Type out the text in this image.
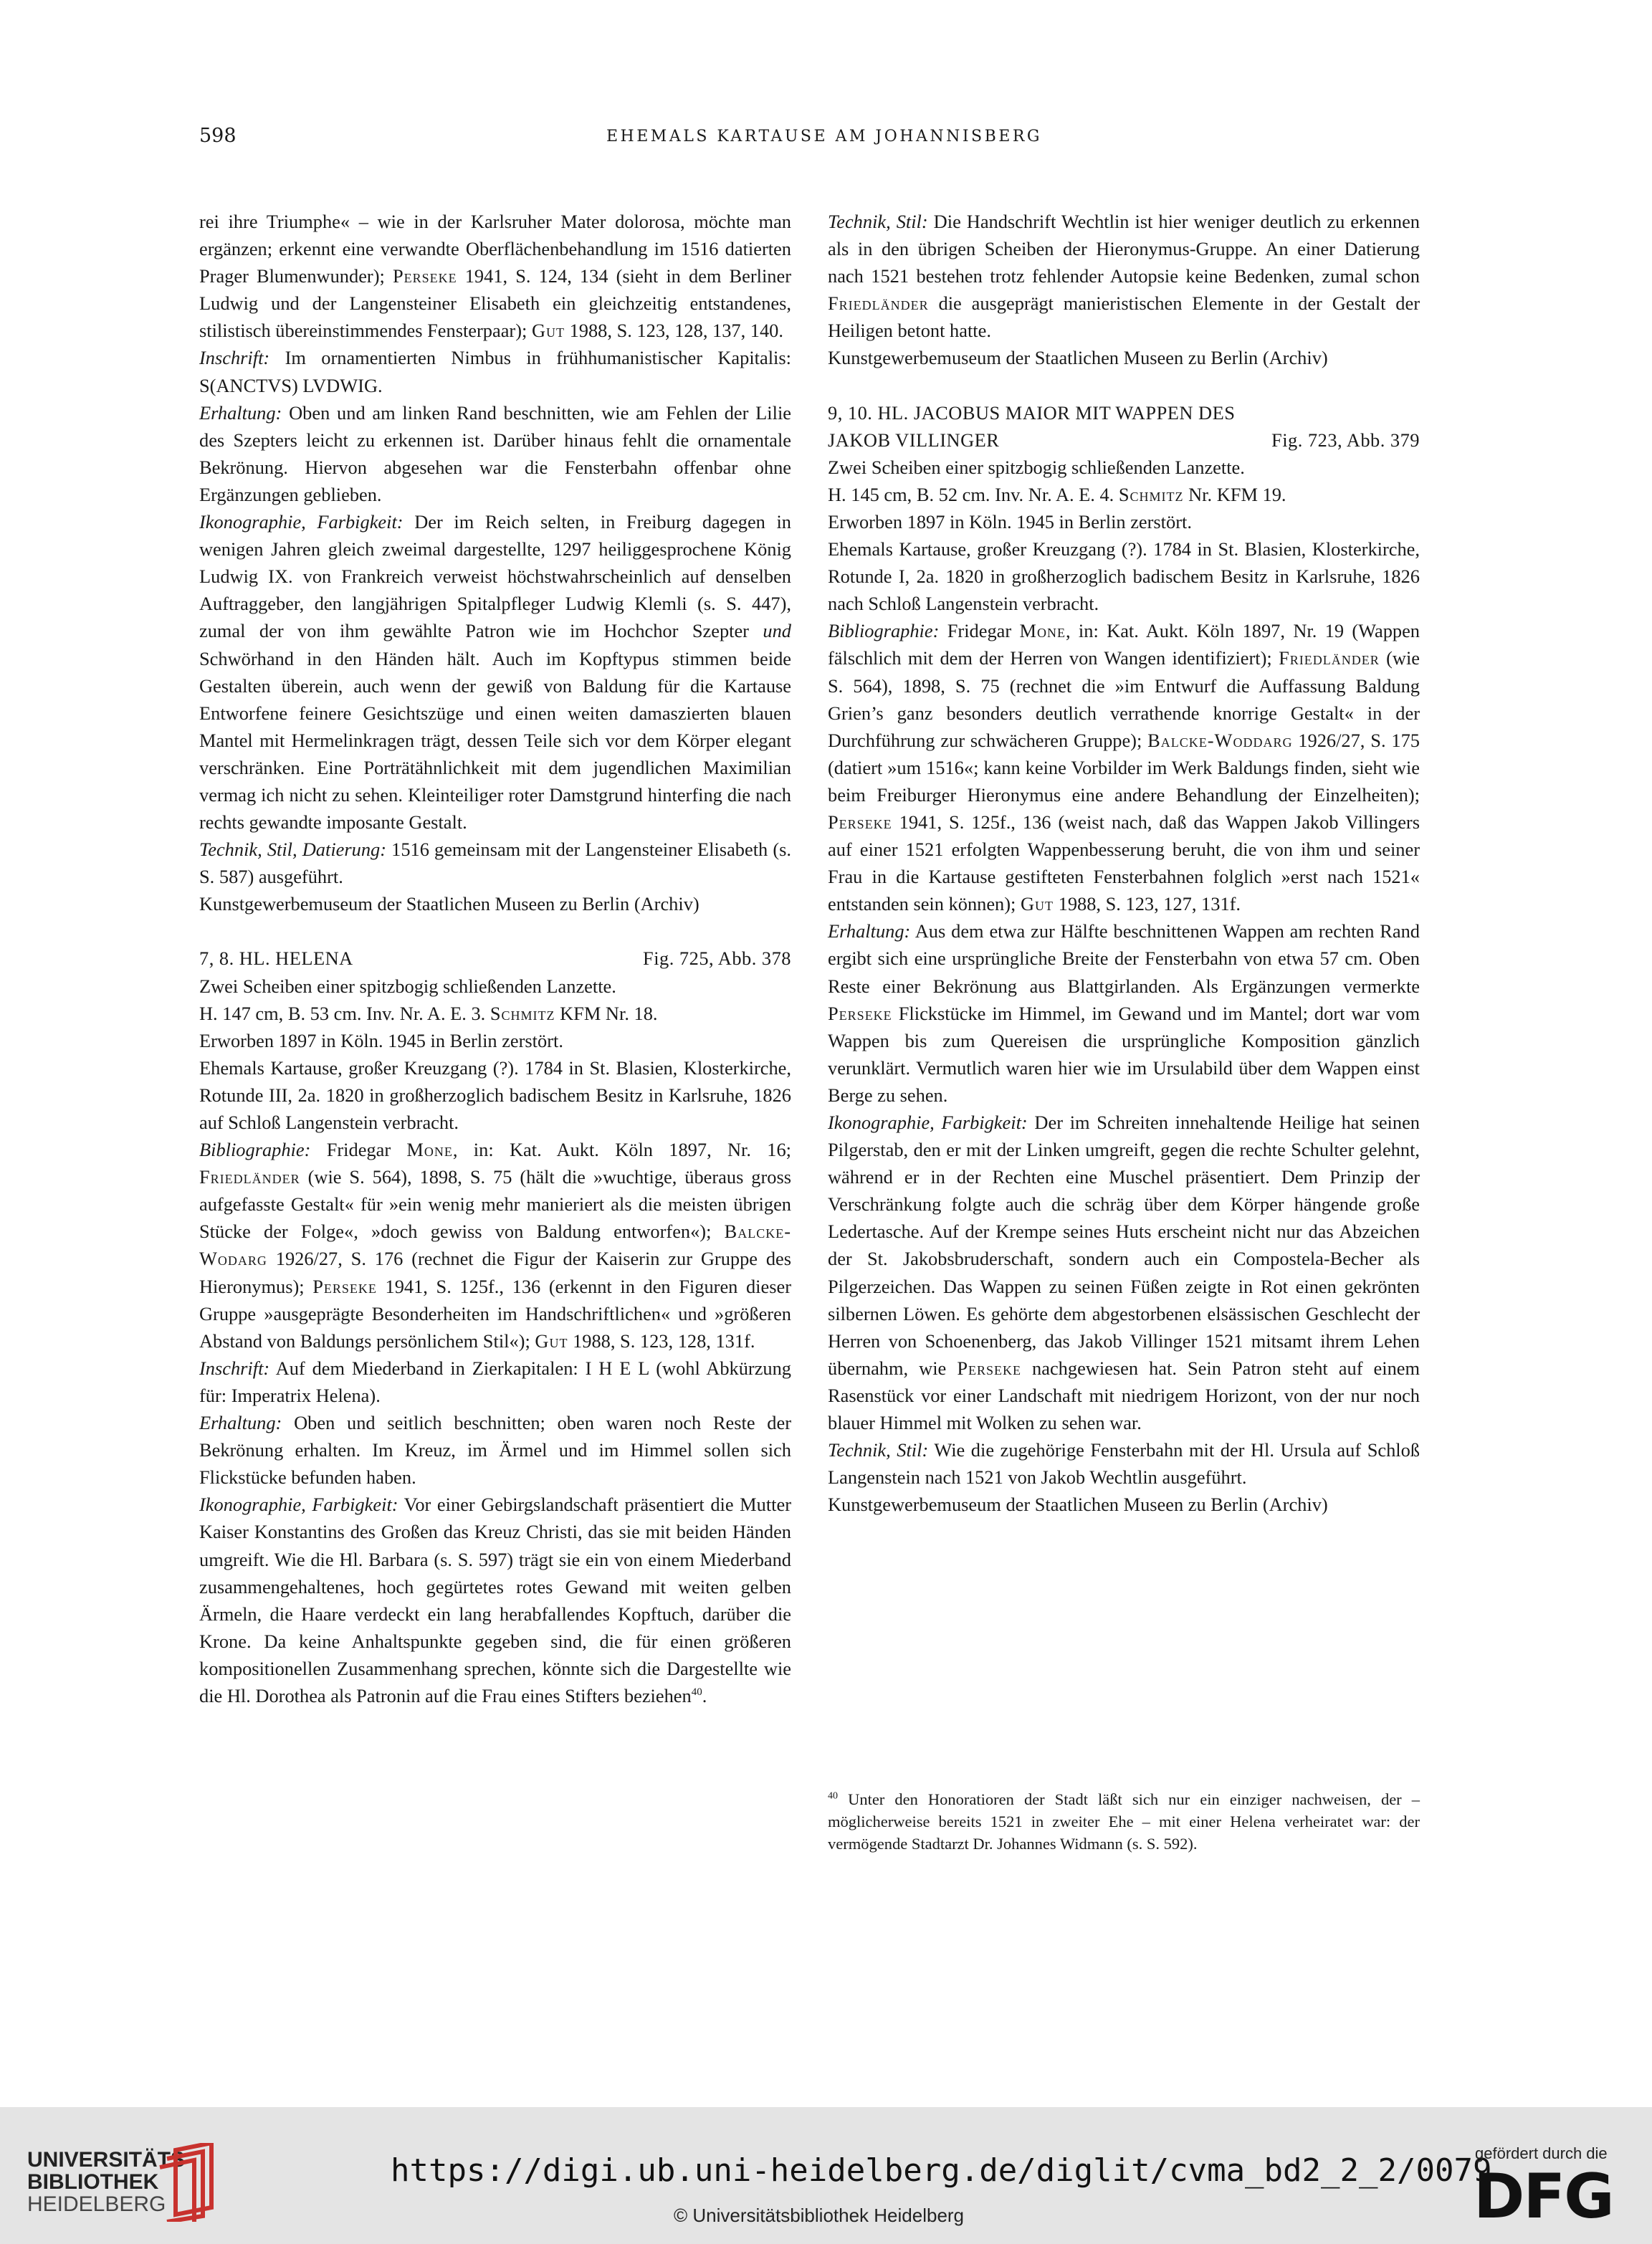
598	EHEMALS KARTAUSE AM JOHANNISBERG

rei ihre Triumphe« – wie in der Karlsruher Mater dolorosa, möchte man ergänzen; erkennt eine verwandte Oberflächenbehandlung im 1516 datierten Prager Blumenwunder); Perseke 1941, S. 124, 134 (sieht in dem Berliner Ludwig und der Langensteiner Elisabeth ein gleichzeitig entstandenes, stilistisch übereinstimmendes Fensterpaar); Gut 1988, S. 123, 128, 137, 140.

Inschrift: Im ornamentierten Nimbus in frühhumanistischer Kapitalis: S(ANCTVS) LVDWIG.

Erhaltung: Oben und am linken Rand beschnitten, wie am Fehlen der Lilie des Szepters leicht zu erkennen ist. Darüber hinaus fehlt die ornamentale Bekrönung. Hiervon abgesehen war die Fensterbahn offenbar ohne Ergänzungen geblieben.

Ikonographie, Farbigkeit: Der im Reich selten, in Freiburg dagegen in wenigen Jahren gleich zweimal dargestellte, 1297 heiliggesprochene König Ludwig IX. von Frankreich verweist höchstwahrscheinlich auf denselben Auftraggeber, den langjährigen Spitalpfleger Ludwig Klemli (s. S. 447), zumal der von ihm gewählte Patron wie im Hochchor Szepter und Schwörhand in den Händen hält. Auch im Kopftypus stimmen beide Gestalten überein, auch wenn der gewiß von Baldung für die Kartause Entworfene feinere Gesichtszüge und einen weiten damaszierten blauen Mantel mit Hermelinkragen trägt, dessen Teile sich vor dem Körper elegant verschränken. Eine Porträtähnlichkeit mit dem jugendlichen Maximilian vermag ich nicht zu sehen. Kleinteiliger roter Damstgrund hinterfing die nach rechts gewandte imposante Gestalt.

Technik, Stil, Datierung: 1516 gemeinsam mit der Langensteiner Elisabeth (s. S. 587) ausgeführt.

Kunstgewerbemuseum der Staatlichen Museen zu Berlin (Archiv)

7, 8. HL. HELENA	Fig. 725, Abb. 378

Zwei Scheiben einer spitzbogig schließenden Lanzette.

H. 147 cm, B. 53 cm. Inv. Nr. A. E. 3. Schmitz KFM Nr. 18.

Erworben 1897 in Köln. 1945 in Berlin zerstört.

Ehemals Kartause, großer Kreuzgang (?). 1784 in St. Blasien, Klosterkirche, Rotunde III, 2a. 1820 in großherzoglich badischem Besitz in Karlsruhe, 1826 auf Schloß Langenstein verbracht.

Bibliographie: Fridegar Mone, in: Kat. Aukt. Köln 1897, Nr. 16; Friedländer (wie S. 564), 1898, S. 75 (hält die »wuchtige, überaus gross aufgefasste Gestalt« für »ein wenig mehr manieriert als die meisten übrigen Stücke der Folge«, »doch gewiss von Baldung entworfen«); Balcke-Wodarg 1926/27, S. 176 (rechnet die Figur der Kaiserin zur Gruppe des Hieronymus); Perseke 1941, S. 125f., 136 (erkennt in den Figuren dieser Gruppe »ausgeprägte Besonderheiten im Handschriftlichen« und »größeren Abstand von Baldungs persönlichem Stil«); Gut 1988, S. 123, 128, 131f.

Inschrift: Auf dem Miederband in Zierkapitalen: I H E L (wohl Abkürzung für: Imperatrix Helena).

Erhaltung: Oben und seitlich beschnitten; oben waren noch Reste der Bekrönung erhalten. Im Kreuz, im Ärmel und im Himmel sollen sich Flickstücke befunden haben.

Ikonographie, Farbigkeit: Vor einer Gebirgslandschaft präsentiert die Mutter Kaiser Konstantins des Großen das Kreuz Christi, das sie mit beiden Händen umgreift. Wie die Hl. Barbara (s. S. 597) trägt sie ein von einem Miederband zusammengehaltenes, hoch gegürtetes rotes Gewand mit weiten gelben Ärmeln, die Haare verdeckt ein lang herabfallendes Kopftuch, darüber die Krone. Da keine Anhaltspunkte gegeben sind, die für einen größeren kompositionellen Zusammenhang sprechen, könnte sich die Dargestellte wie die Hl. Dorothea als Patronin auf die Frau eines Stifters beziehen$^{40}$.

Technik, Stil: Die Handschrift Wechtlin ist hier weniger deutlich zu erkennen als in den übrigen Scheiben der Hieronymus-Gruppe. An einer Datierung nach 1521 bestehen trotz fehlender Autopsie keine Bedenken, zumal schon Friedländer die ausgeprägt manieristischen Elemente in der Gestalt der Heiligen betont hatte.

Kunstgewerbemuseum der Staatlichen Museen zu Berlin (Archiv)

9, 10. HL. JACOBUS MAIOR MIT WAPPEN DES

JAKOB VILLINGER	Fig. 723, Abb. 379

Zwei Scheiben einer spitzbogig schließenden Lanzette.

H. 145 cm, B. 52 cm. Inv. Nr. A. E. 4. Schmitz Nr. KFM 19.

Erworben 1897 in Köln. 1945 in Berlin zerstört.

Ehemals Kartause, großer Kreuzgang (?). 1784 in St. Blasien, Klosterkirche, Rotunde I, 2a. 1820 in großherzoglich badischem Besitz in Karlsruhe, 1826 nach Schloß Langenstein verbracht.

Bibliographie: Fridegar Mone, in: Kat. Aukt. Köln 1897, Nr. 19 (Wappen fälschlich mit dem der Herren von Wangen identifiziert); Friedländer (wie S. 564), 1898, S. 75 (rechnet die »im Entwurf die Auffassung Baldung Grien’s ganz besonders deutlich verrathende knorrige Gestalt« in der Durchführung zur schwächeren Gruppe); Balcke-Woddarg 1926/27, S. 175 (datiert »um 1516«; kann keine Vorbilder im Werk Baldungs finden, sieht wie beim Freiburger Hieronymus eine andere Behandlung der Einzelheiten); Perseke 1941, S. 125f., 136 (weist nach, daß das Wappen Jakob Villingers auf einer 1521 erfolgten Wappenbesserung beruht, die von ihm und seiner Frau in die Kartause gestifteten Fensterbahnen folglich »erst nach 1521« entstanden sein können); Gut 1988, S. 123, 127, 131f.

Erhaltung: Aus dem etwa zur Hälfte beschnittenen Wappen am rechten Rand ergibt sich eine ursprüngliche Breite der Fensterbahn von etwa 57 cm. Oben Reste einer Bekrönung aus Blattgirlanden. Als Ergänzungen vermerkte Perseke Flickstücke im Himmel, im Gewand und im Mantel; dort war vom Wappen bis zum Quereisen die ursprüngliche Komposition gänzlich verunklärt. Vermutlich waren hier wie im Ursulabild über dem Wappen einst Berge zu sehen.

Ikonographie, Farbigkeit: Der im Schreiten innehaltende Heilige hat seinen Pilgerstab, den er mit der Linken umgreift, gegen die rechte Schulter gelehnt, während er in der Rechten eine Muschel präsentiert. Dem Prinzip der Verschränkung folgte auch die schräg über dem Körper hängende große Ledertasche. Auf der Krempe seines Huts erscheint nicht nur das Abzeichen der St. Jakobsbruderschaft, sondern auch ein Compostela-Becher als Pilgerzeichen. Das Wappen zu seinen Füßen zeigte in Rot einen gekrönten silbernen Löwen. Es gehörte dem abgestorbenen elsässischen Geschlecht der Herren von Schoenenberg, das Jakob Villinger 1521 mitsamt ihrem Lehen übernahm, wie Perseke nachgewiesen hat. Sein Patron steht auf einem Rasenstück vor einer Landschaft mit niedrigem Horizont, von der nur noch blauer Himmel mit Wolken zu sehen war.

Technik, Stil: Wie die zugehörige Fensterbahn mit der Hl. Ursula auf Schloß Langenstein nach 1521 von Jakob Wechtlin ausgeführt.

Kunstgewerbemuseum der Staatlichen Museen zu Berlin (Archiv)

$^{40}$ Unter den Honoratioren der Stadt läßt sich nur ein einziger nachweisen, der – möglicherweise bereits 1521 in zweiter Ehe – mit einer Helena verheiratet war: der vermögende Stadtarzt Dr. Johannes Widmann (s. S. 592).
UNIVERSITÄTS-
BIBLIOTHEK
HEIDELBERG
https://digi.ub.uni-heidelberg.de/diglit/cvma_bd2_2_2/0079
© Universitätsbibliothek Heidelberg
gefördert durch die
DFG
